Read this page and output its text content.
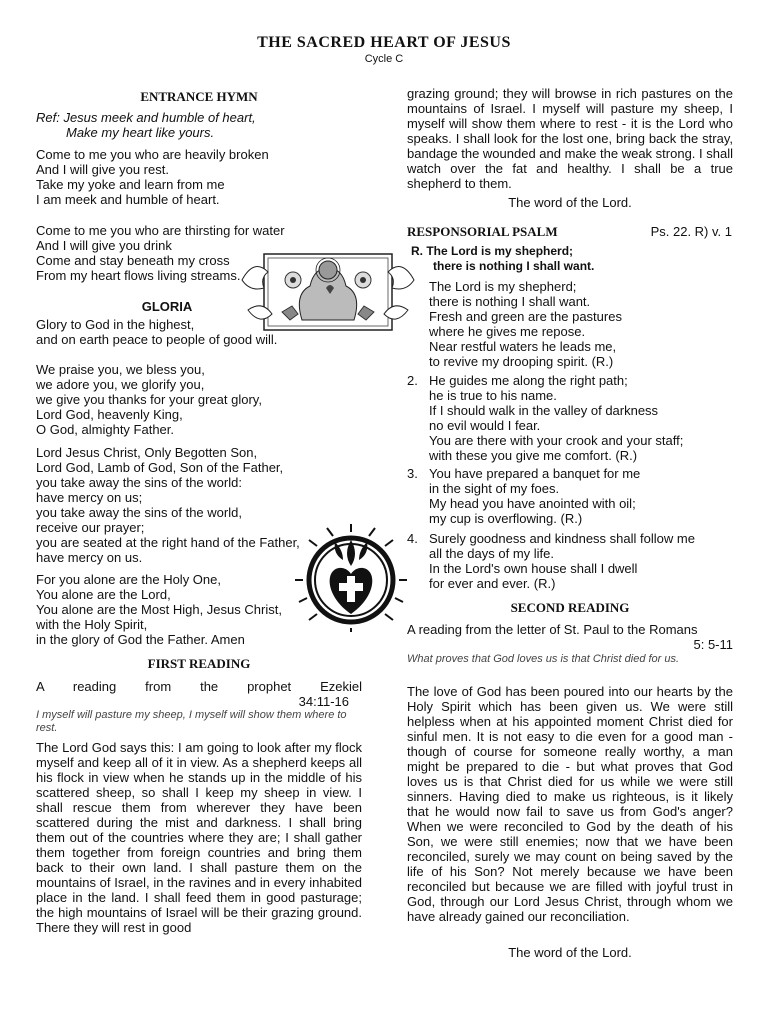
THE SACRED HEART OF JESUS
Cycle C
ENTRANCE HYMN
Ref: Jesus meek and humble of heart,
Make my heart like yours.
Come to me you who are heavily broken
And I will give you rest.
Take my yoke and learn from me
I am meek and humble of heart.
Come to me you who are thirsting for water
And I will give you drink
Come and stay beneath my cross
From my heart flows living streams.
GLORIA
Glory to God in the highest,
and on earth peace to people of good will.
We praise you, we bless you,
we adore you, we glorify you,
we give you thanks for your great glory,
Lord God, heavenly King,
O God, almighty Father.
Lord Jesus Christ, Only Begotten Son,
Lord God, Lamb of God, Son of the Father,
you take away the sins of the world:
have mercy on us;
you take away the sins of the world,
receive our prayer;
you are seated at the right hand of the Father,
have mercy on us.
For you alone are the Holy One,
You alone are the Lord,
You alone are the Most High, Jesus Christ,
with the Holy Spirit,
in the glory of God the Father. Amen
FIRST READING
A reading from the prophet Ezekiel
34:11-16
I myself will pasture my sheep, I myself will show them where to rest.
The Lord God says this: I am going to look after my flock myself and keep all of it in view. As a shepherd keeps all his flock in view when he stands up in the middle of his scattered sheep, so shall I keep my sheep in view. I shall rescue them from wherever they have been scattered during the mist and darkness. I shall bring them out of the countries where they are; I shall gather them together from foreign countries and bring them back to their own land. I shall pasture them on the mountains of Israel, in the ravines and in every inhabited place in the land. I shall feed them in good pasturage; the high mountains of Israel will be their grazing ground. There they will rest in good
grazing ground; they will browse in rich pastures on the mountains of Israel. I myself will pasture my sheep, I myself will show them where to rest - it is the Lord who speaks. I shall look for the lost one, bring back the stray, bandage the wounded and make the weak strong. I shall watch over the fat and healthy. I shall be a true shepherd to them.
The word of the Lord.
RESPONSORIAL PSALM	Ps. 22. R) v. 1
R. The Lord is my shepherd;
there is nothing I shall want.
The Lord is my shepherd;
there is nothing I shall want.
Fresh and green are the pastures
where he gives me repose.
Near restful waters he leads me,
to revive my drooping spirit. (R.)
2. He guides me along the right path;
he is true to his name.
If I should walk in the valley of darkness
no evil would I fear.
You are there with your crook and your staff;
with these you give me comfort. (R.)
3. You have prepared a banquet for me
in the sight of my foes.
My head you have anointed with oil;
my cup is overflowing. (R.)
4. Surely goodness and kindness shall follow me
all the days of my life.
In the Lord's own house shall I dwell
for ever and ever. (R.)
SECOND READING
A reading from the letter of St. Paul to the Romans
5: 5-11
What proves that God loves us is that Christ died for us.
The love of God has been poured into our hearts by the Holy Spirit which has been given us. We were still helpless when at his appointed moment Christ died for sinful men. It is not easy to die even for a good man - though of course for someone really worthy, a man might be prepared to die - but what proves that God loves us is that Christ died for us while we were still sinners. Having died to make us righteous, is it likely that he would now fail to save us from God's anger? When we were reconciled to God by the death of his Son, we were still enemies; now that we have been reconciled, surely we may count on being saved by the life of his Son? Not merely because we have been reconciled but because we are filled with joyful trust in God, through our Lord Jesus Christ, through whom we have already gained our reconciliation.
The word of the Lord.
